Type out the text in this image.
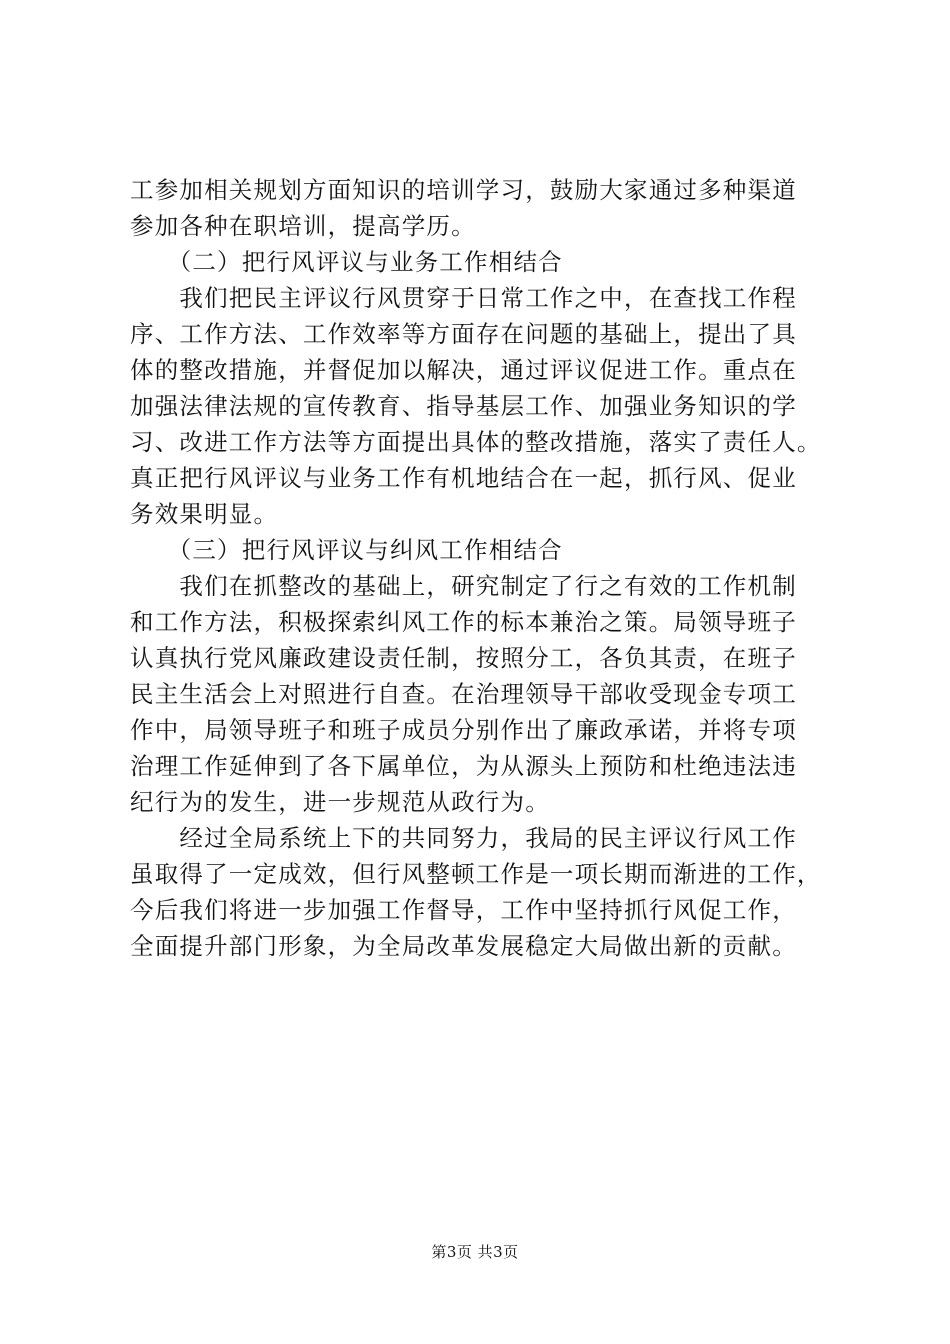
工参加相关规划方面知识的培训学习，鼓励大家通过多种渠道
参加各种在职培训，提高学历。
　　（二）把行风评议与业务工作相结合
　　我们把民主评议行风贯穿于日常工作之中，在查找工作程
序、工作方法、工作效率等方面存在问题的基础上，提出了具
体的整改措施，并督促加以解决，通过评议促进工作。重点在
加强法律法规的宣传教育、指导基层工作、加强业务知识的学
习、改进工作方法等方面提出具体的整改措施，落实了责任人。
真正把行风评议与业务工作有机地结合在一起，抓行风、促业
务效果明显。
　　（三）把行风评议与纠风工作相结合
　　我们在抓整改的基础上，研究制定了行之有效的工作机制
和工作方法，积极探索纠风工作的标本兼治之策。局领导班子
认真执行党风廉政建设责任制，按照分工，各负其责，在班子
民主生活会上对照进行自查。在治理领导干部收受现金专项工
作中，局领导班子和班子成员分别作出了廉政承诺，并将专项
治理工作延伸到了各下属单位，为从源头上预防和杜绝违法违
纪行为的发生，进一步规范从政行为。
　　经过全局系统上下的共同努力，我局的民主评议行风工作
虽取得了一定成效，但行风整顿工作是一项长期而渐进的工作，
今后我们将进一步加强工作督导，工作中坚持抓行风促工作，
全面提升部门形象，为全局改革发展稳定大局做出新的贡献。
第3页 共3页
